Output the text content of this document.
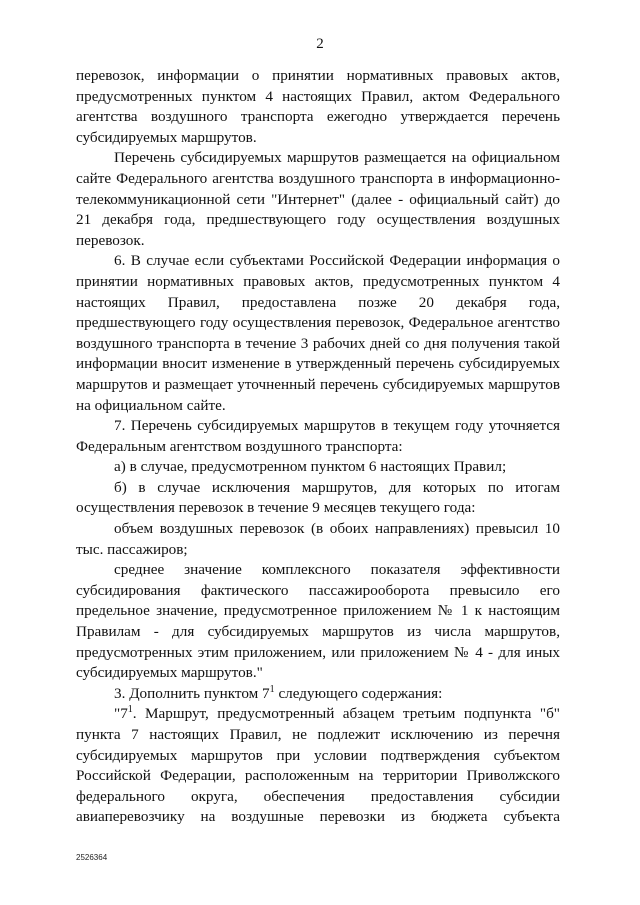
2

перевозок, информации о принятии нормативных правовых актов, предусмотренных пунктом 4 настоящих Правил, актом Федерального агентства воздушного транспорта ежегодно утверждается перечень субсидируемых маршрутов.

Перечень субсидируемых маршрутов размещается на официальном сайте Федерального агентства воздушного транспорта в информационно-телекоммуникационной сети "Интернет" (далее - официальный сайт) до 21 декабря года, предшествующего году осуществления воздушных перевозок.

6. В случае если субъектами Российской Федерации информация о принятии нормативных правовых актов, предусмотренных пунктом 4 настоящих Правил, предоставлена позже 20 декабря года, предшествующего году осуществления перевозок, Федеральное агентство воздушного транспорта в течение 3 рабочих дней со дня получения такой информации вносит изменение в утвержденный перечень субсидируемых маршрутов и размещает уточненный перечень субсидируемых маршрутов на официальном сайте.

7. Перечень субсидируемых маршрутов в текущем году уточняется Федеральным агентством воздушного транспорта:

а) в случае, предусмотренном пунктом 6 настоящих Правил;

б) в случае исключения маршрутов, для которых по итогам осуществления перевозок в течение 9 месяцев текущего года:

объем воздушных перевозок (в обоих направлениях) превысил 10 тыс. пассажиров;

среднее значение комплексного показателя эффективности субсидирования фактического пассажирооборота превысило его предельное значение, предусмотренное приложением № 1 к настоящим Правилам - для субсидируемых маршрутов из числа маршрутов, предусмотренных этим приложением, или приложением № 4 - для иных субсидируемых маршрутов."

3. Дополнить пунктом $7^1$ следующего содержания:

"$7^1$. Маршрут, предусмотренный абзацем третьим подпункта "б" пункта 7 настоящих Правил, не подлежит исключению из перечня субсидируемых маршрутов при условии подтверждения субъектом Российской Федерации, расположенным на территории Приволжского федерального округа, обеспечения предоставления субсидии авиаперевозчику на воздушные перевозки из бюджета субъекта

2526364
